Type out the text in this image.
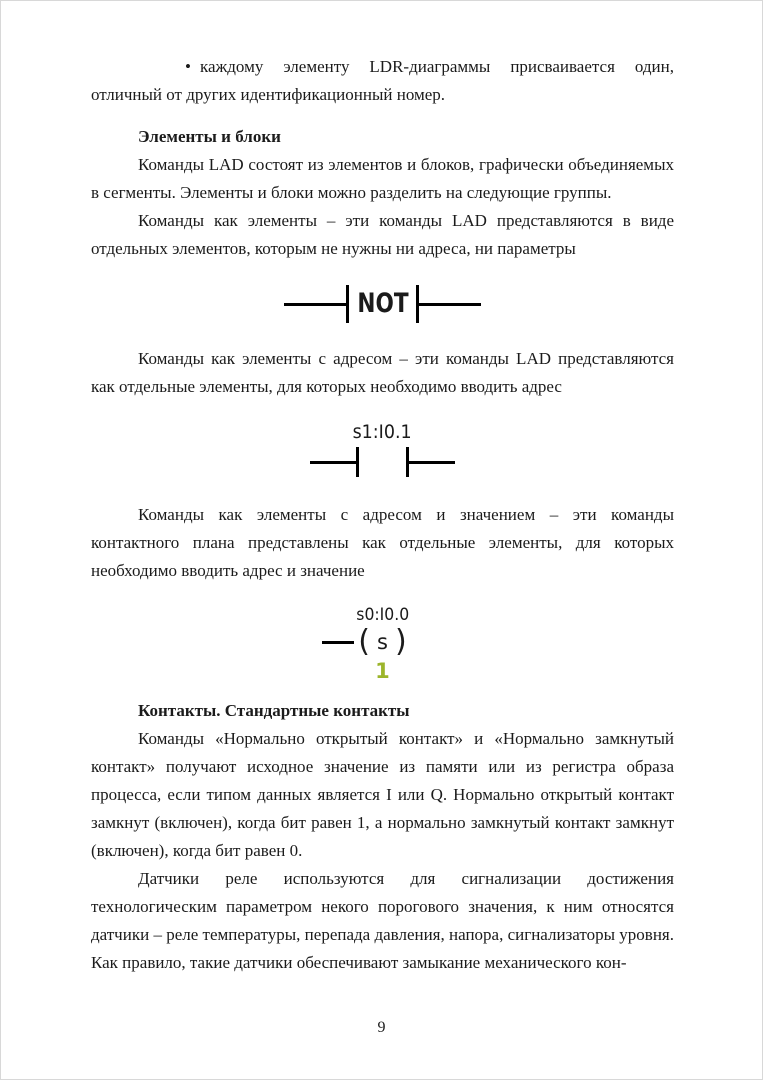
• каждому элементу LDR-диаграммы присваивается один, отличный от других идентификационный номер.

Элементы и блоки

Команды LAD состоят из элементов и блоков, графически объединяемых в сегменты. Элементы и блоки можно разделить на следующие группы.

Команды как элементы – эти команды LAD представляются в виде отдельных элементов, которым не нужны ни адреса, ни параметры

NOT

Команды как элементы с адресом – эти команды LAD представляются как отдельные элементы, для которых необходимо вводить адрес

s1:I0.1

Команды как элементы с адресом и значением – эти команды контактного плана представлены как отдельные элементы, для которых необходимо вводить адрес и значение

s0:I0.0
( s )
1
Контакты. Стандартные контакты

Команды «Нормально открытый контакт» и «Нормально замкнутый контакт» получают исходное значение из памяти или из регистра образа процесса, если типом данных является I или Q. Нормально открытый контакт замкнут (включен), когда бит равен 1, а нормально замкнутый контакт замкнут (включен), когда бит равен 0.

Датчики реле используются для сигнализации достижения технологическим параметром некого порогового значения, к ним относятся датчики – реле температуры, перепада давления, напора, сигнализаторы уровня. Как правило, такие датчики обеспечивают замыкание механического кон-

9
